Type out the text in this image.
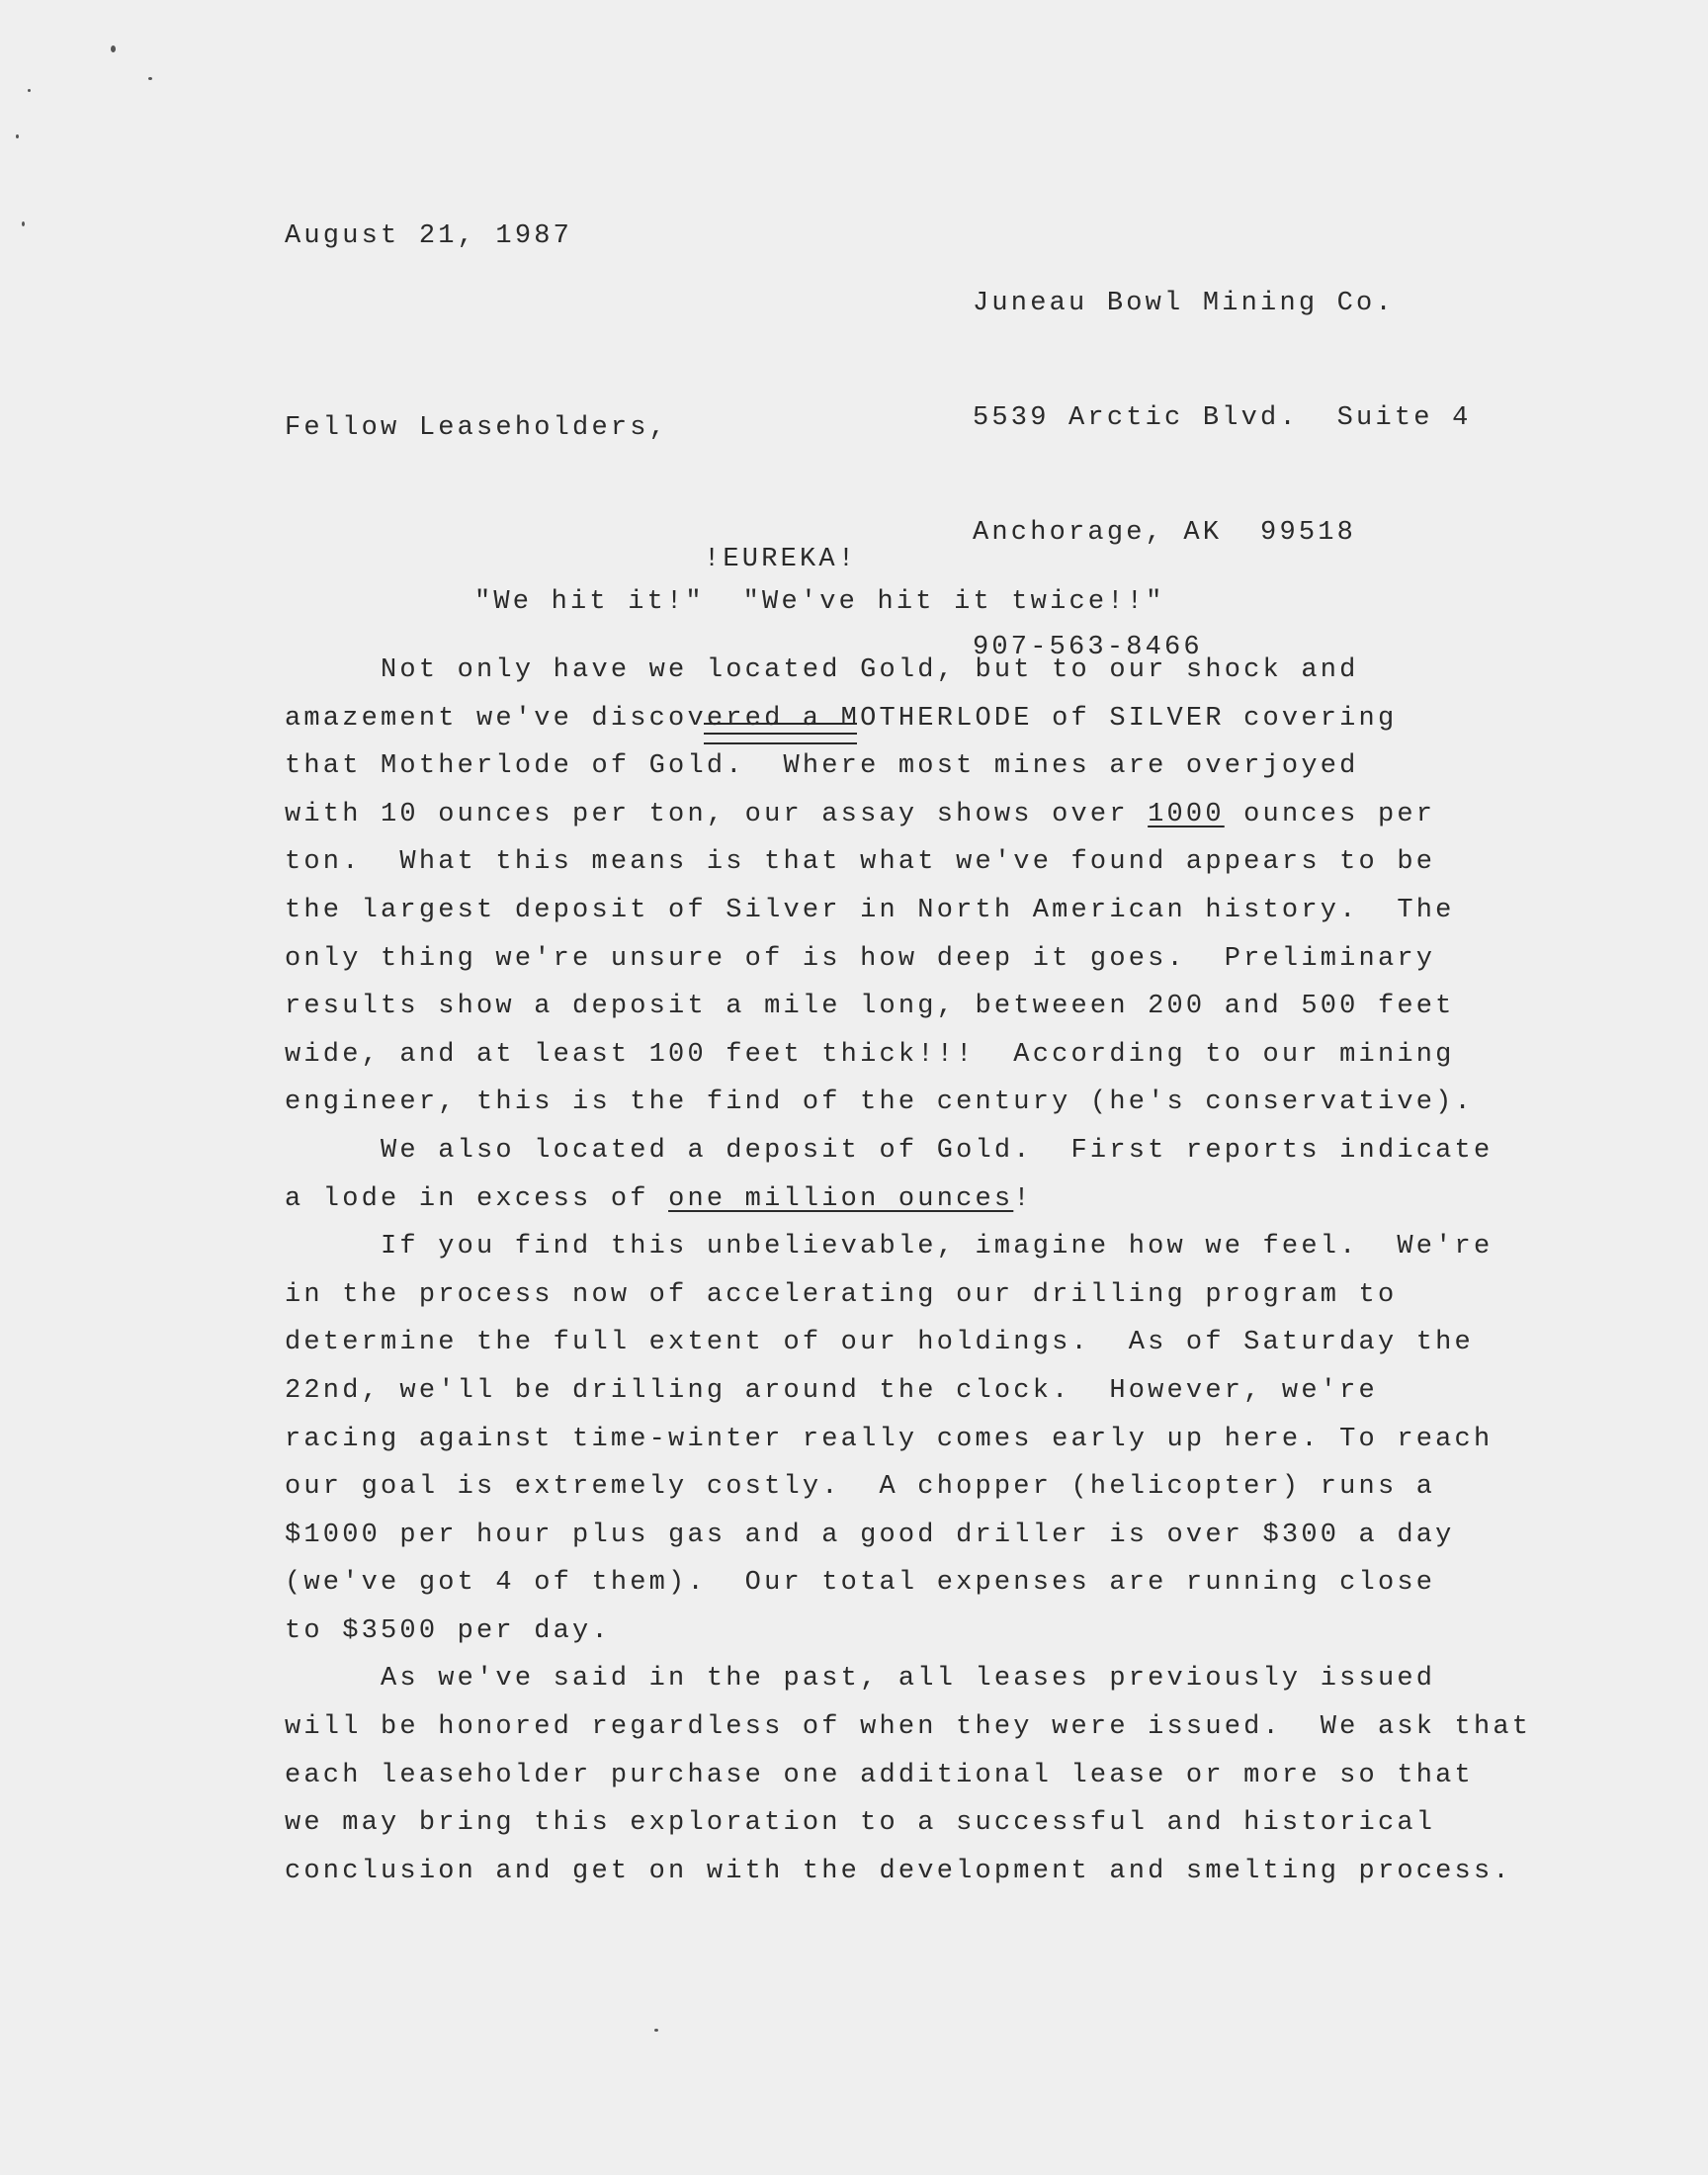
August 21, 1987

Juneau Bowl Mining Co.

5539 Arctic Blvd.  Suite 4

Anchorage, AK  99518

907-563-8466

Fellow Leaseholders,

!EUREKA!

"We hit it!"  "We've hit it twice!!"

Not only have we located Gold, but to our shock and
amazement we've discovered a MOTHERLODE of SILVER covering
that Motherlode of Gold.  Where most mines are overjoyed
with 10 ounces per ton, our assay shows over 1000 ounces per
ton.  What this means is that what we've found appears to be
the largest deposit of Silver in North American history.  The
only thing we're unsure of is how deep it goes.  Preliminary
results show a deposit a mile long, betweeen 200 and 500 feet
wide, and at least 100 feet thick!!!  According to our mining
engineer, this is the find of the century (he's conservative).

We also located a deposit of Gold.  First reports indicate
a lode in excess of one million ounces!

If you find this unbelievable, imagine how we feel.  We're
in the process now of accelerating our drilling program to
determine the full extent of our holdings.  As of Saturday the
22nd, we'll be drilling around the clock.  However, we're
racing against time-winter really comes early up here. To reach
our goal is extremely costly.  A chopper (helicopter) runs a
$1000 per hour plus gas and a good driller is over $300 a day
(we've got 4 of them).  Our total expenses are running close
to $3500 per day.

As we've said in the past, all leases previously issued
will be honored regardless of when they were issued.  We ask that
each leaseholder purchase one additional lease or more so that
we may bring this exploration to a successful and historical
conclusion and get on with the development and smelting process.
